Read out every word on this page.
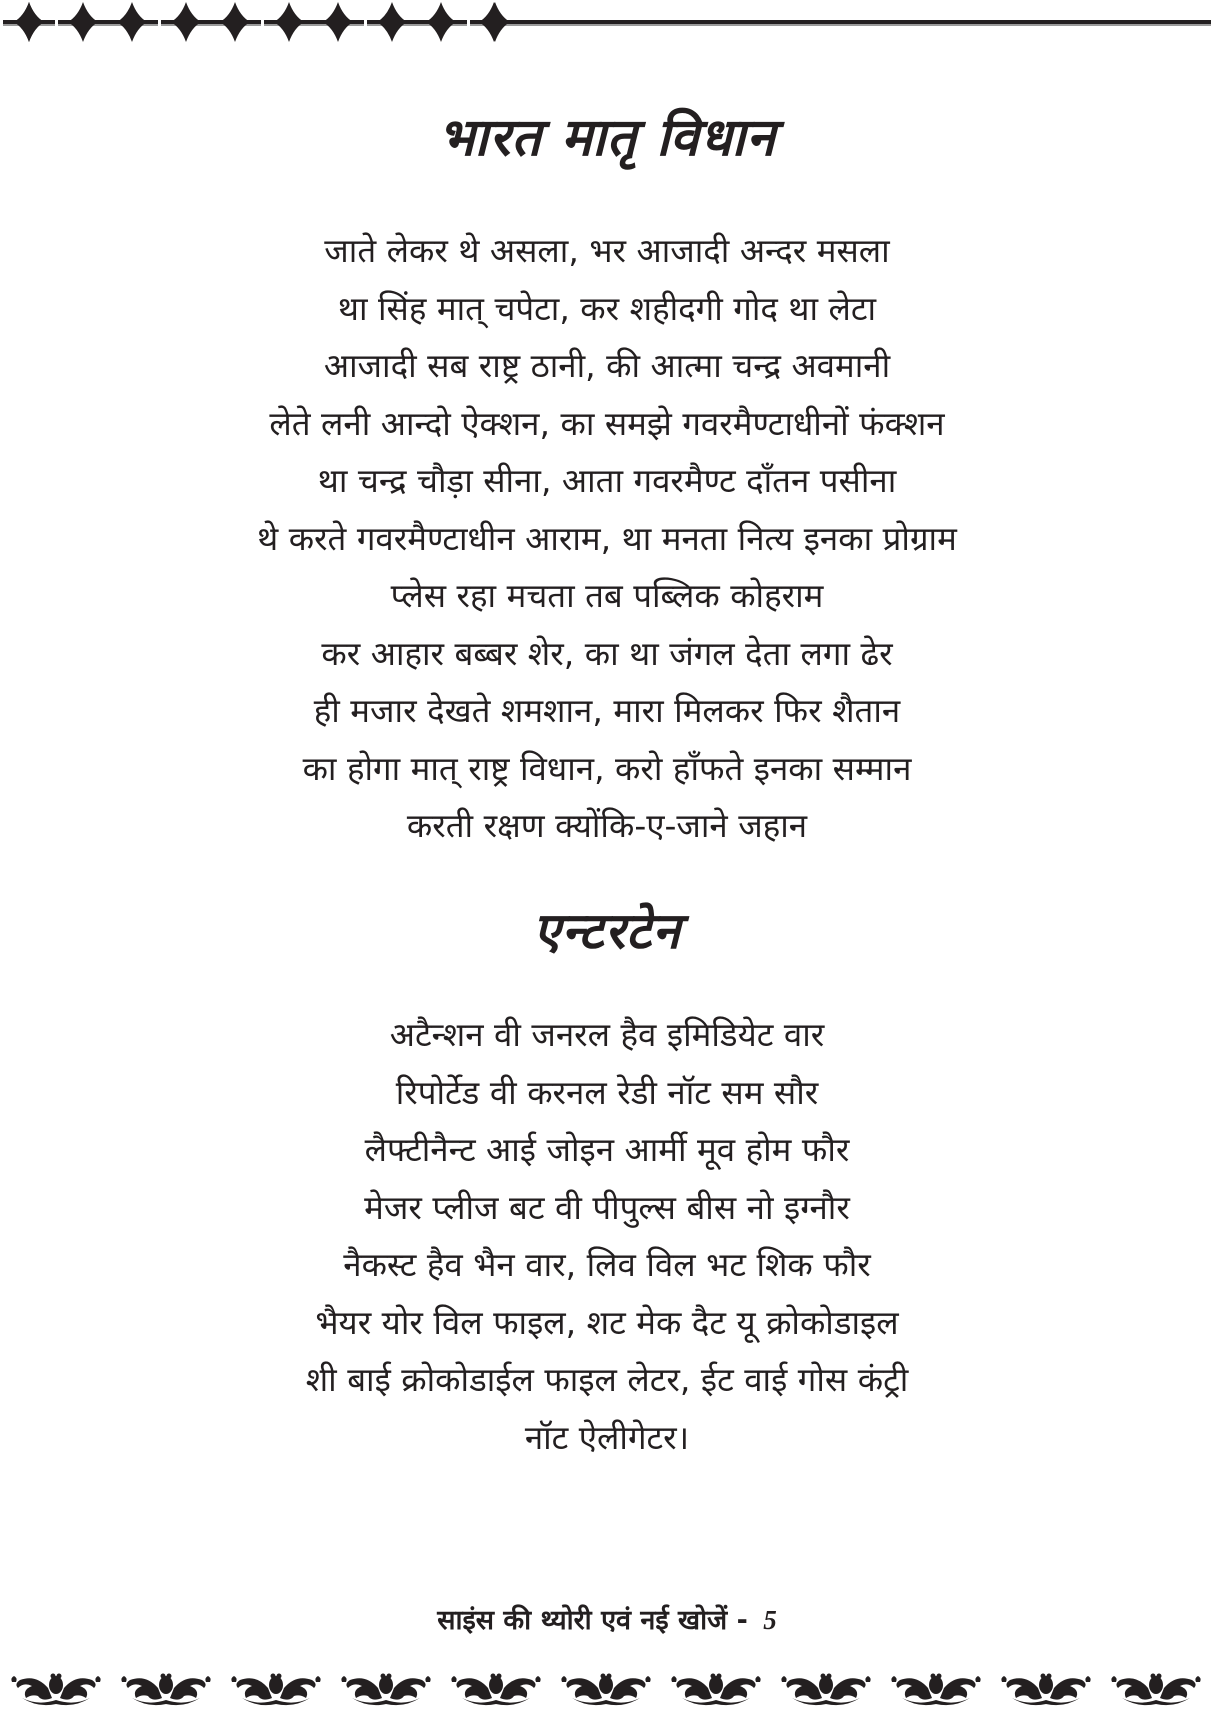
भारत मातृ विधान
जाते लेकर थे असला, भर आजादी अन्दर मसला
था सिंह मात् चपेटा, कर शहीदगी गोद था लेटा
आजादी सब राष्ट्र ठानी, की आत्मा चन्द्र अवमानी
लेते लनी आन्दो ऐक्शन, का समझे गवरमैण्टाधीनों फंक्शन
था चन्द्र चौड़ा सीना, आता गवरमैण्ट दाँतन पसीना
थे करते गवरमैण्टाधीन आराम, था मनता नित्य इनका प्रोग्राम
प्लेस रहा मचता तब पब्लिक कोहराम
कर आहार बब्बर शेर, का था जंगल देता लगा ढेर
ही मजार देखते शमशान, मारा मिलकर फिर शैतान
का होगा मात् राष्ट्र विधान, करो हाँफते इनका सम्मान
करती रक्षण क्योंकि-ए-जाने जहान
एन्टरटेन
अटैन्शन वी जनरल हैव इमिडियेट वार
रिपोर्टेड वी करनल रेडी नॉट सम सौर
लैफ्टीनैन्ट आई जोइन आर्मी मूव होम फौर
मेजर प्लीज बट वी पीपुल्स बीस नो इग्नौर
नैकस्ट हैव भैन वार, लिव विल भट शिक फौर
भैयर योर विल फाइल, शट मेक दैट यू क्रोकोडाइल
शी बाई क्रोकोडाईल फाइल लेटर, ईट वाई गोस कंट्री
नॉट ऐलीगेटर।
साइंस की थ्योरी एवं नई खोजें - 5
